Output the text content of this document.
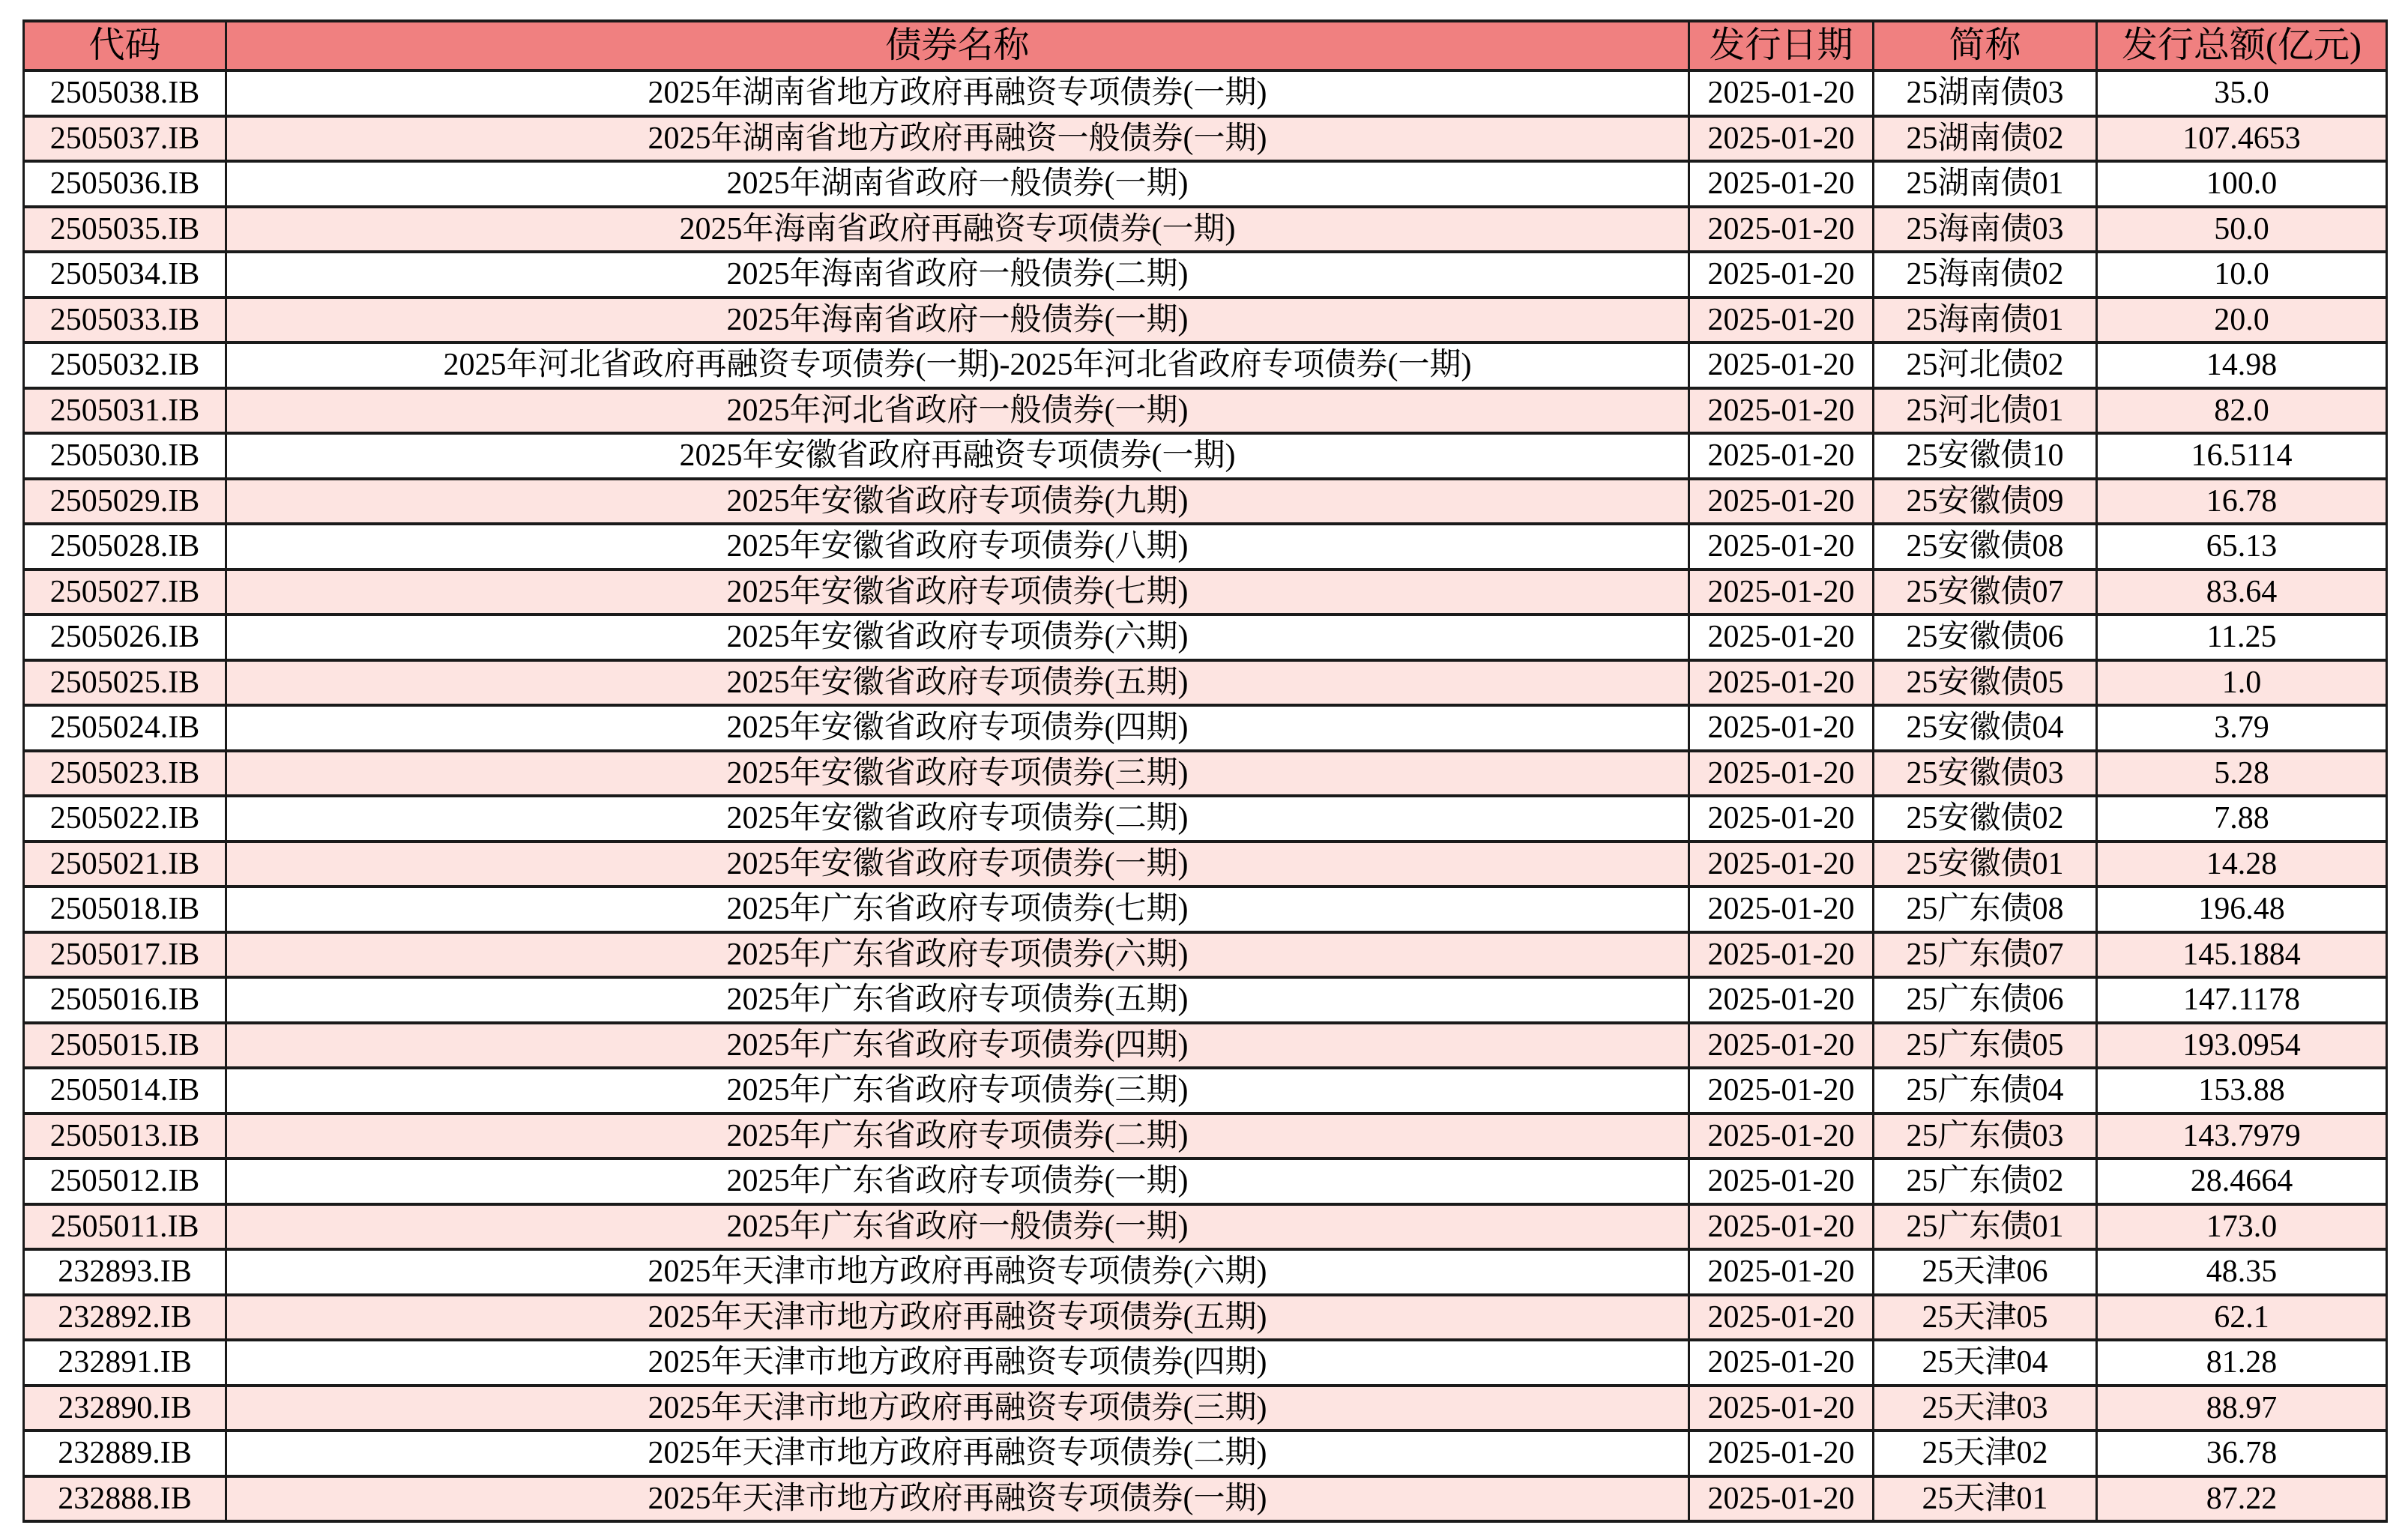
代码	债券名称	发行日期	简称	发行总额(亿元)
2505038.IB	2025年湖南省地方政府再融资专项债券(一期)	2025-01-20	25湖南债03	35.0
2505037.IB	2025年湖南省地方政府再融资一般债券(一期)	2025-01-20	25湖南债02	107.4653
2505036.IB	2025年湖南省政府一般债券(一期)	2025-01-20	25湖南债01	100.0
2505035.IB	2025年海南省政府再融资专项债券(一期)	2025-01-20	25海南债03	50.0
2505034.IB	2025年海南省政府一般债券(二期)	2025-01-20	25海南债02	10.0
2505033.IB	2025年海南省政府一般债券(一期)	2025-01-20	25海南债01	20.0
2505032.IB	2025年河北省政府再融资专项债券(一期)-2025年河北省政府专项债券(一期)	2025-01-20	25河北债02	14.98
2505031.IB	2025年河北省政府一般债券(一期)	2025-01-20	25河北债01	82.0
2505030.IB	2025年安徽省政府再融资专项债券(一期)	2025-01-20	25安徽债10	16.5114
2505029.IB	2025年安徽省政府专项债券(九期)	2025-01-20	25安徽债09	16.78
2505028.IB	2025年安徽省政府专项债券(八期)	2025-01-20	25安徽债08	65.13
2505027.IB	2025年安徽省政府专项债券(七期)	2025-01-20	25安徽债07	83.64
2505026.IB	2025年安徽省政府专项债券(六期)	2025-01-20	25安徽债06	11.25
2505025.IB	2025年安徽省政府专项债券(五期)	2025-01-20	25安徽债05	1.0
2505024.IB	2025年安徽省政府专项债券(四期)	2025-01-20	25安徽债04	3.79
2505023.IB	2025年安徽省政府专项债券(三期)	2025-01-20	25安徽债03	5.28
2505022.IB	2025年安徽省政府专项债券(二期)	2025-01-20	25安徽债02	7.88
2505021.IB	2025年安徽省政府专项债券(一期)	2025-01-20	25安徽债01	14.28
2505018.IB	2025年广东省政府专项债券(七期)	2025-01-20	25广东债08	196.48
2505017.IB	2025年广东省政府专项债券(六期)	2025-01-20	25广东债07	145.1884
2505016.IB	2025年广东省政府专项债券(五期)	2025-01-20	25广东债06	147.1178
2505015.IB	2025年广东省政府专项债券(四期)	2025-01-20	25广东债05	193.0954
2505014.IB	2025年广东省政府专项债券(三期)	2025-01-20	25广东债04	153.88
2505013.IB	2025年广东省政府专项债券(二期)	2025-01-20	25广东债03	143.7979
2505012.IB	2025年广东省政府专项债券(一期)	2025-01-20	25广东债02	28.4664
2505011.IB	2025年广东省政府一般债券(一期)	2025-01-20	25广东债01	173.0
232893.IB	2025年天津市地方政府再融资专项债券(六期)	2025-01-20	25天津06	48.35
232892.IB	2025年天津市地方政府再融资专项债券(五期)	2025-01-20	25天津05	62.1
232891.IB	2025年天津市地方政府再融资专项债券(四期)	2025-01-20	25天津04	81.28
232890.IB	2025年天津市地方政府再融资专项债券(三期)	2025-01-20	25天津03	88.97
232889.IB	2025年天津市地方政府再融资专项债券(二期)	2025-01-20	25天津02	36.78
232888.IB	2025年天津市地方政府再融资专项债券(一期)	2025-01-20	25天津01	87.22
